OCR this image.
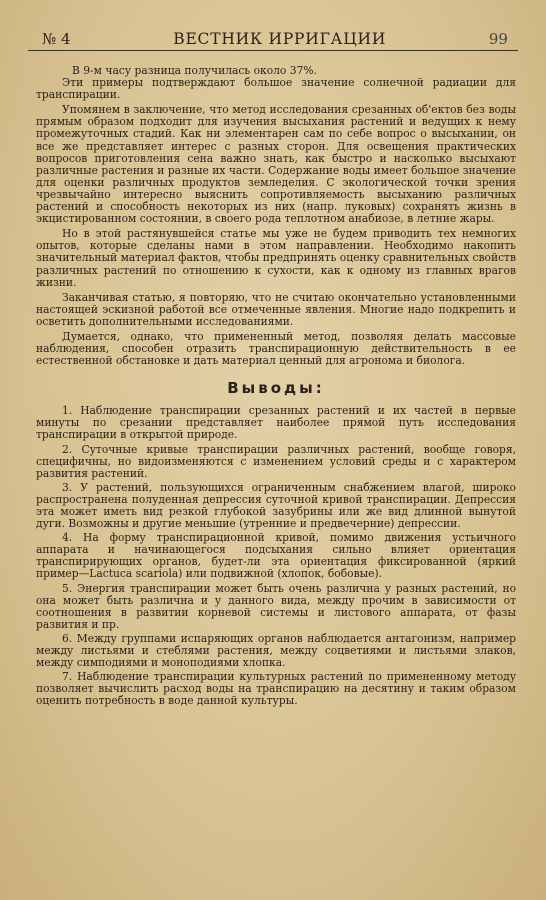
№ 4	ВЕСТНИК ИРРИГАЦИИ	99

В 9-м часу разница получилась около 37%.

Эти примеры подтверждают большое значение солнечной радиации для транспирации.

Упомянем в заключение, что метод исследования срезанных об'ектов без воды прямым образом подходит для изучения высыхания растений и ведущих к нему промежуточных стадий. Как ни элементарен сам по себе вопрос о высыхании, он все же представляет интерес с разных сторон. Для освещения практических вопросов приготовления сена важно знать, как быстро и насколько высыхают различные растения и разные их части. Содержание воды имеет большое значение для оценки различных продуктов земледелия. С экологической точки зрения чрезвычайно интересно выяснить сопротивляемость высыханию различных растений и способность некоторых из них (напр. луковых) сохранять жизнь в экцистированном состоянии, в своего рода теплотном анабиозе, в летние жары.

Но в этой растянувшейся статье мы уже не будем приводить тех немногих опытов, которые сделаны нами в этом направлении. Необходимо накопить значительный материал фактов, чтобы предпринять оценку сравнительных свойств различных растений по отношению к сухости, как к одному из главных врагов жизни.

Заканчивая статью, я повторяю, что не считаю окончательно установленными настоящей эскизной работой все отмеченные явления. Многие надо подкрепить и осветить дополнительными исследованиями.

Думается, однако, что примененный метод, позволяя делать массовые наблюдения, способен отразить транспирационную действительность в ее естественной обстановке и дать материал ценный для агронома и биолога.

Выводы:

1. Наблюдение транспирации срезанных растений и их частей в первые минуты по срезании представляет наиболее прямой путь исследования транспирации в открытой природе.

2. Суточные кривые транспирации различных растений, вообще говоря, специфичны, но видоизменяются с изменением условий среды и с характером развития растений.

3. У растений, пользующихся ограниченным снабжением влагой, широко распространена полуденная депрессия суточной кривой транспирации. Депрессия эта может иметь вид резкой глубокой зазубрины или же вид длинной вынутой дуги. Возможны и другие меньшие (утренние и предвечерние) депрессии.

4. На форму транспирационной кривой, помимо движения устьичного аппарата и начинающегося подсыхания сильно влияет ориентация транспирирующих органов, будет-ли эта ориентация фиксированной (яркий пример—Lactuca scariola) или подвижной (хлопок, бобовые).

5. Энергия транспирации может быть очень различна у разных растений, но она может быть различна и у данного вида, между прочим в зависимости от соотношения в развитии корневой системы и листового аппарата, от фазы развития и пр.

6. Между группами испаряющих органов наблюдается антагонизм, например между листьями и стеблями растения, между соцветиями и листьями злаков, между симподиями и моноподиями хлопка.

7. Наблюдение транспирации культурных растений по примененному методу позволяет вычислить расход воды на транспирацию на десятину и таким образом оценить потребность в воде данной культуры.
